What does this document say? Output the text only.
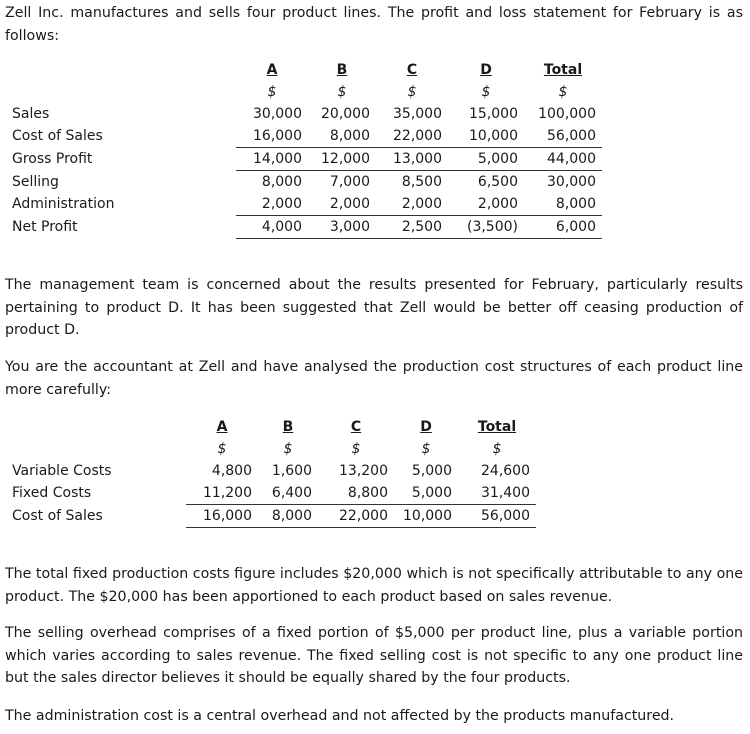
Zell Inc. manufactures and sells four product lines. The profit and loss statement for February is as follows:

	A	B	C	D	Total
	$	$	$	$	$
Sales	30,000	20,000	35,000	15,000	100,000
Cost of Sales	16,000	8,000	22,000	10,000	56,000
Gross Profit	14,000	12,000	13,000	5,000	44,000
Selling	8,000	7,000	8,500	6,500	30,000
Administration	2,000	2,000	2,000	2,000	8,000
Net Profit	4,000	3,000	2,500	(3,500)	6,000

The management team is concerned about the results presented for February, particularly results pertaining to product D. It has been suggested that Zell would be better off ceasing production of product D.

You are the accountant at Zell and have analysed the production cost structures of each product line more carefully:

	A	B	C	D	Total
	$	$	$	$	$
Variable Costs	4,800	1,600	13,200	5,000	24,600
Fixed Costs	11,200	6,400	8,800	5,000	31,400
Cost of Sales	16,000	8,000	22,000	10,000	56,000

The total fixed production costs figure includes $20,000 which is not specifically attributable to any one product. The $20,000 has been apportioned to each product based on sales revenue.

The selling overhead comprises of a fixed portion of $5,000 per product line, plus a variable portion which varies according to sales revenue. The fixed selling cost is not specific to any one product line but the sales director believes it should be equally shared by the four products.

The administration cost is a central overhead and not affected by the products manufactured.
